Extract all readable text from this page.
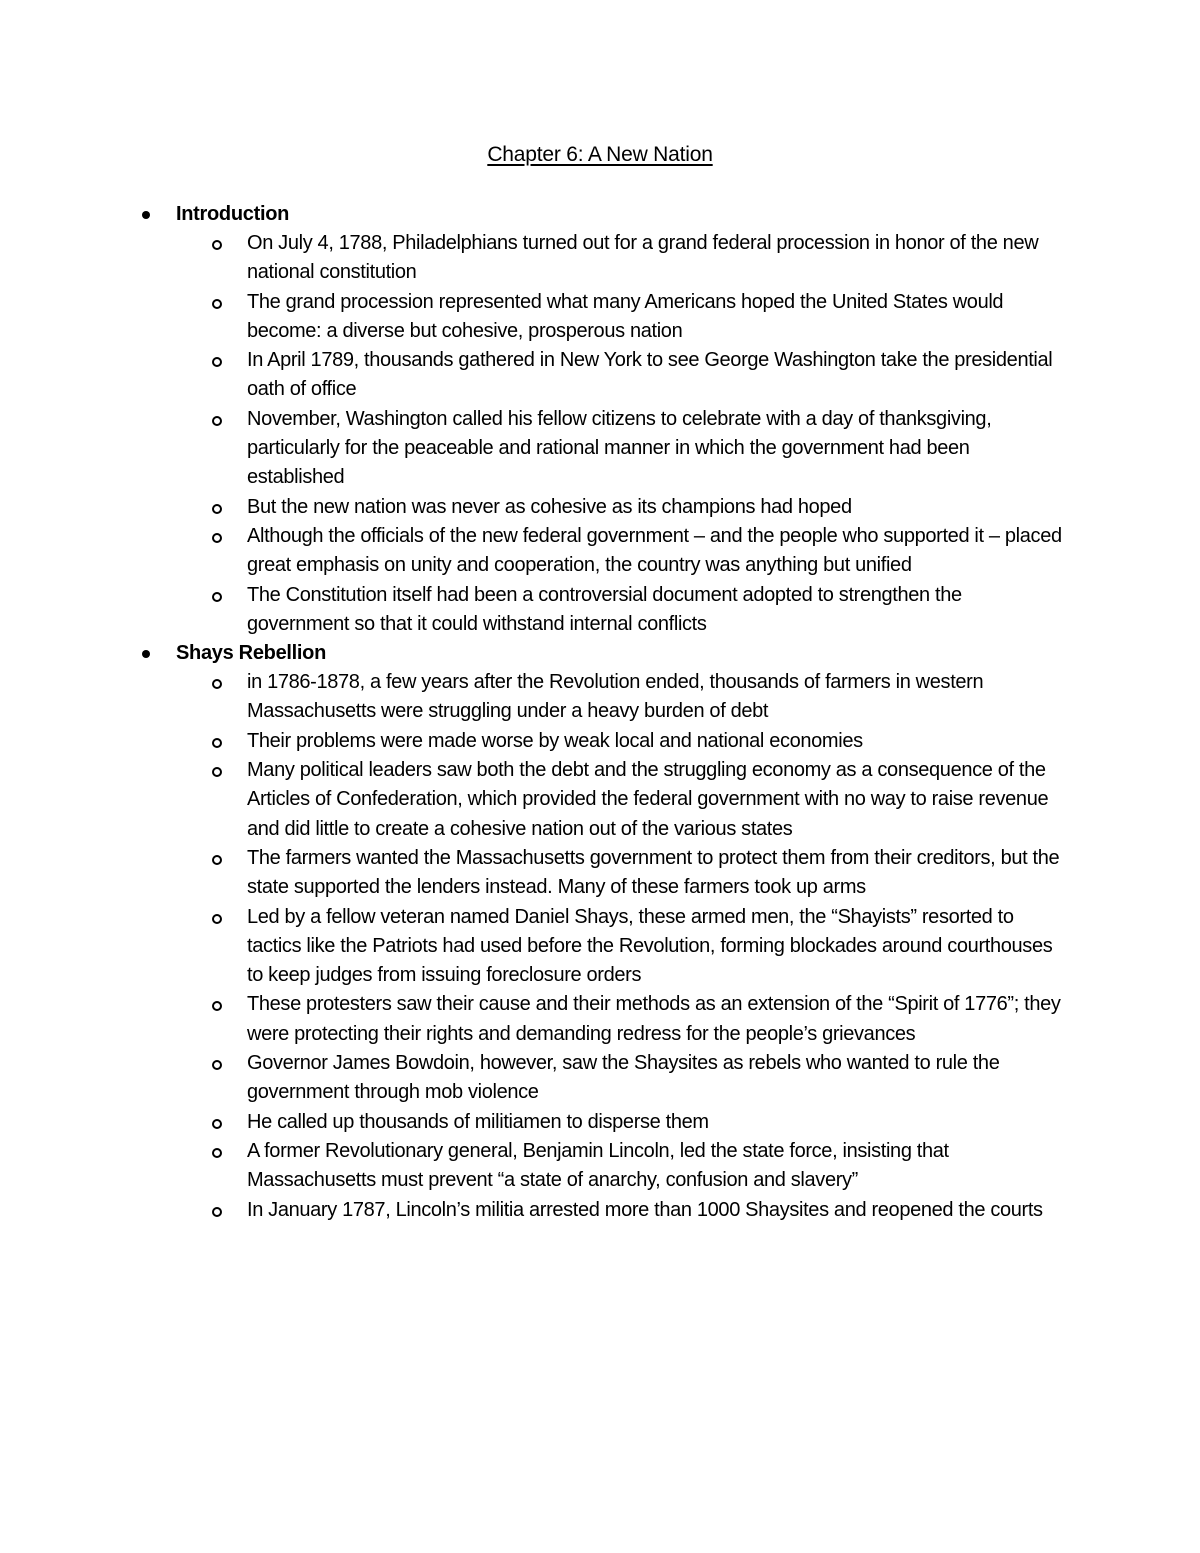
Chapter 6: A New Nation
Introduction
On July 4, 1788, Philadelphians turned out for a grand federal procession in honor of the new national constitution
The grand procession represented what many Americans hoped the United States would become: a diverse but cohesive, prosperous nation
In April 1789, thousands gathered in New York to see George Washington take the presidential oath of office
November, Washington called his fellow citizens to celebrate with a day of thanksgiving, particularly for the peaceable and rational manner in which the government had been established
But the new nation was never as cohesive as its champions had hoped
Although the officials of the new federal government – and the people who supported it – placed great emphasis on unity and cooperation, the country was anything but unified
The Constitution itself had been a controversial document adopted to strengthen the government so that it could withstand internal conflicts
Shays Rebellion
in 1786-1878, a few years after the Revolution ended, thousands of farmers in western Massachusetts were struggling under a heavy burden of debt
Their problems were made worse by weak local and national economies
Many political leaders saw both the debt and the struggling economy as a consequence of the Articles of Confederation, which provided the federal government with no way to raise revenue and did little to create a cohesive nation out of the various states
The farmers wanted the Massachusetts government to protect them from their creditors, but the state supported the lenders instead. Many of these farmers took up arms
Led by a fellow veteran named Daniel Shays, these armed men, the “Shayists” resorted to tactics like the Patriots had used before the Revolution, forming blockades around courthouses to keep judges from issuing foreclosure orders
These protesters saw their cause and their methods as an extension of the “Spirit of 1776”; they were protecting their rights and demanding redress for the people’s grievances
Governor James Bowdoin, however, saw the Shaysites as rebels who wanted to rule the government through mob violence
He called up thousands of militiamen to disperse them
A former Revolutionary general, Benjamin Lincoln, led the state force, insisting that Massachusetts must prevent “a state of anarchy, confusion and slavery”
In January 1787, Lincoln’s militia arrested more than 1000 Shaysites and reopened the courts
